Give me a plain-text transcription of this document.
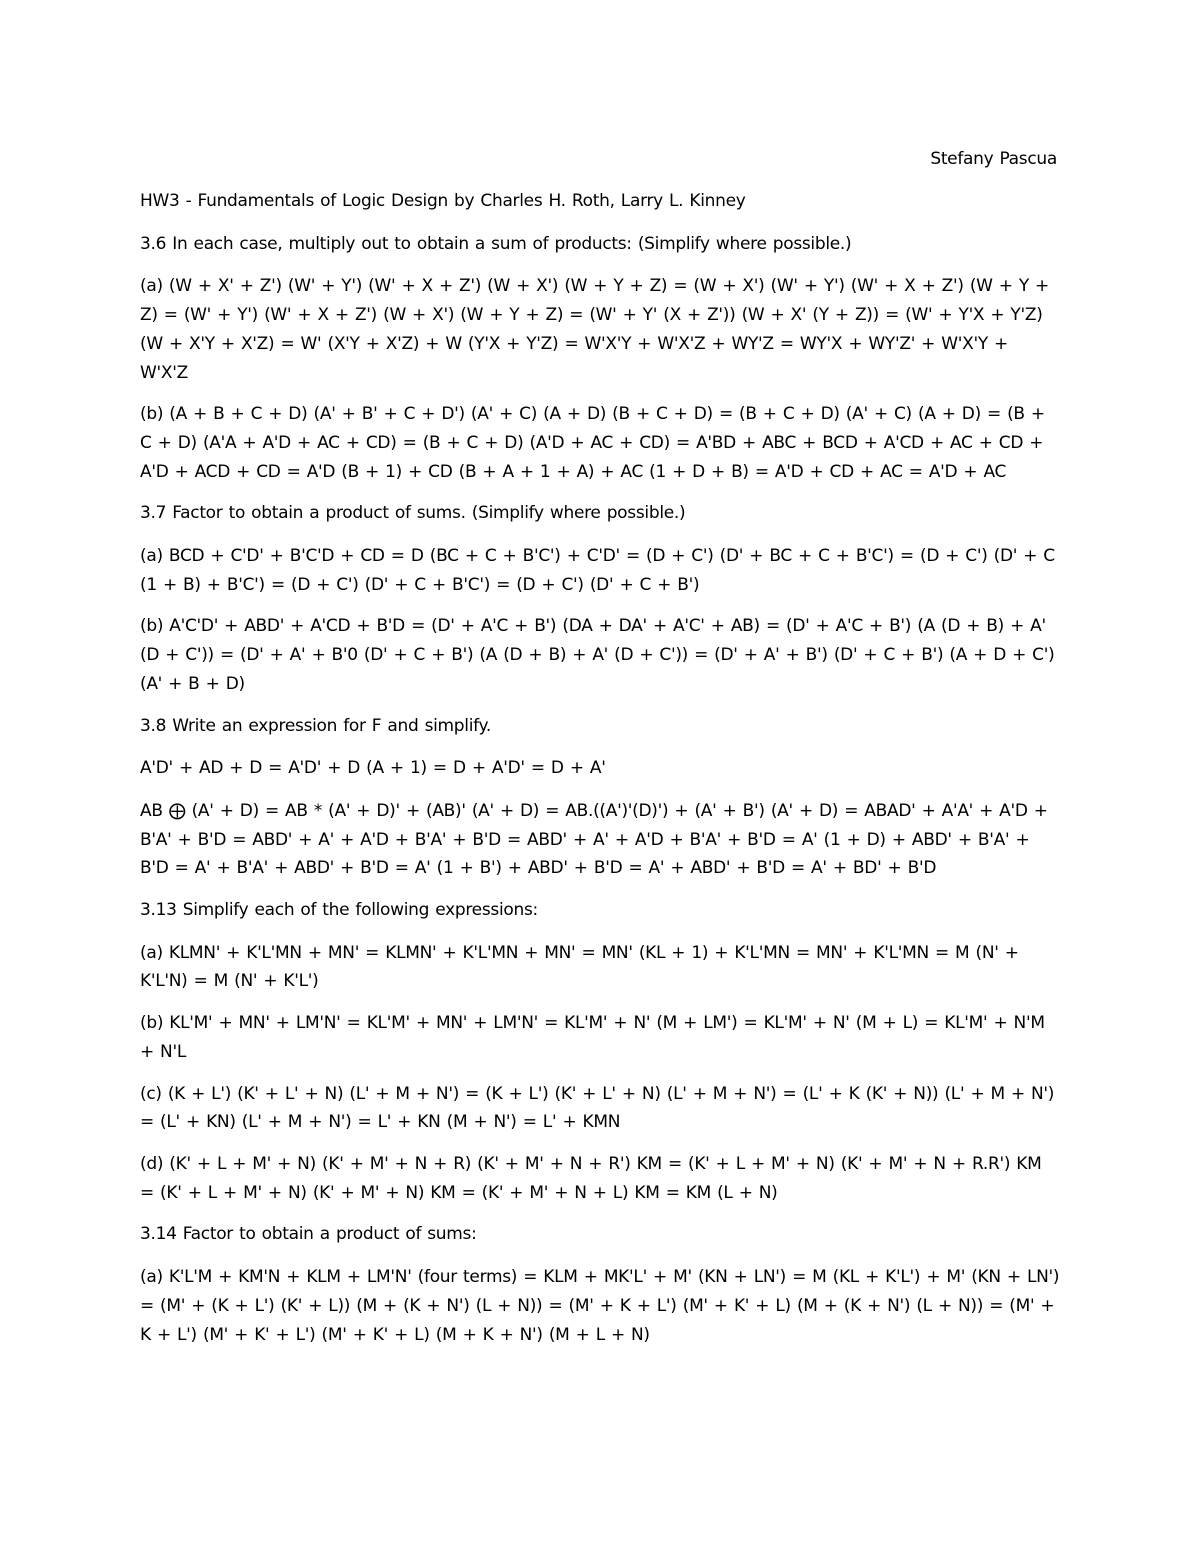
Stefany Pascua

HW3 - Fundamentals of Logic Design by Charles H. Roth, Larry L. Kinney

3.6 In each case, multiply out to obtain a sum of products: (Simplify where possible.)

(a) (W + X' + Z') (W' + Y') (W' + X + Z') (W + X') (W + Y + Z) = (W + X') (W' + Y') (W' + X + Z') (W + Y + Z) = (W' + Y') (W' + X + Z') (W + X') (W + Y + Z) = (W' + Y' (X + Z')) (W + X' (Y + Z)) = (W' + Y'X + Y'Z) (W + X'Y + X'Z) = W' (X'Y + X'Z) + W (Y'X + Y'Z) = W'X'Y + W'X'Z + WY'Z = WY'X + WY'Z' + W'X'Y + W'X'Z

(b) (A + B + C + D) (A' + B' + C + D') (A' + C) (A + D) (B + C + D) = (B + C + D) (A' + C) (A + D) = (B + C + D) (A'A + A'D + AC + CD) = (B + C + D) (A'D + AC + CD) = A'BD + ABC + BCD + A'CD + AC + CD + A'D + ACD + CD = A'D (B + 1) + CD (B + A + 1 + A) + AC (1 + D + B) = A'D + CD + AC = A'D + AC

3.7 Factor to obtain a product of sums. (Simplify where possible.)

(a) BCD + C'D' + B'C'D + CD = D (BC + C + B'C') + C'D' = (D + C') (D' + BC + C + B'C') = (D + C') (D' + C (1 + B) + B'C') = (D + C') (D' + C + B'C') = (D + C') (D' + C + B')

(b) A'C'D' + ABD' + A'CD + B'D = (D' + A'C + B') (DA + DA' + A'C' + AB) = (D' + A'C + B') (A (D + B) + A' (D + C')) = (D' + A' + B'0 (D' + C + B') (A (D + B) + A' (D + C')) = (D' + A' + B') (D' + C + B') (A + D + C') (A' + B + D)

3.8 Write an expression for F and simplify.

A'D' + AD + D = A'D' + D (A + 1) = D + A'D' = D + A'

AB ⨁ (A' + D) = AB * (A' + D)' + (AB)' (A' + D) = AB.((A')'(D)') + (A' + B') (A' + D) = ABAD' + A'A' + A'D + B'A' + B'D = ABD' + A' + A'D + B'A' + B'D = ABD' + A' + A'D + B'A' + B'D = A' (1 + D) + ABD' + B'A' + B'D = A' + B'A' + ABD' + B'D = A' (1 + B') + ABD' + B'D = A' + ABD' + B'D = A' + BD' + B'D

3.13 Simplify each of the following expressions:

(a) KLMN' + K'L'MN + MN' = KLMN' + K'L'MN + MN' = MN' (KL + 1) + K'L'MN = MN' + K'L'MN = M (N' + K'L'N) = M (N' + K'L')

(b) KL'M' + MN' + LM'N' = KL'M' + MN' + LM'N' = KL'M' + N' (M + LM') = KL'M' + N' (M + L) = KL'M' + N'M + N'L

(c) (K + L') (K' + L' + N) (L' + M + N') = (K + L') (K' + L' + N) (L' + M + N') = (L' + K (K' + N)) (L' + M + N') = (L' + KN) (L' + M + N') = L' + KN (M + N') = L' + KMN

(d) (K' + L + M' + N) (K' + M' + N + R) (K' + M' + N + R') KM = (K' + L + M' + N) (K' + M' + N + R.R') KM = (K' + L + M' + N) (K' + M' + N) KM = (K' + M' + N + L) KM = KM (L + N)

3.14 Factor to obtain a product of sums:

(a) K'L'M + KM'N + KLM + LM'N' (four terms) = KLM + MK'L' + M' (KN + LN') = M (KL + K'L') + M' (KN + LN') = (M' + (K + L') (K' + L)) (M + (K + N') (L + N)) = (M' + K + L') (M' + K' + L) (M + (K + N') (L + N)) = (M' + K + L') (M' + K' + L') (M' + K' + L) (M + K + N') (M + L + N)
